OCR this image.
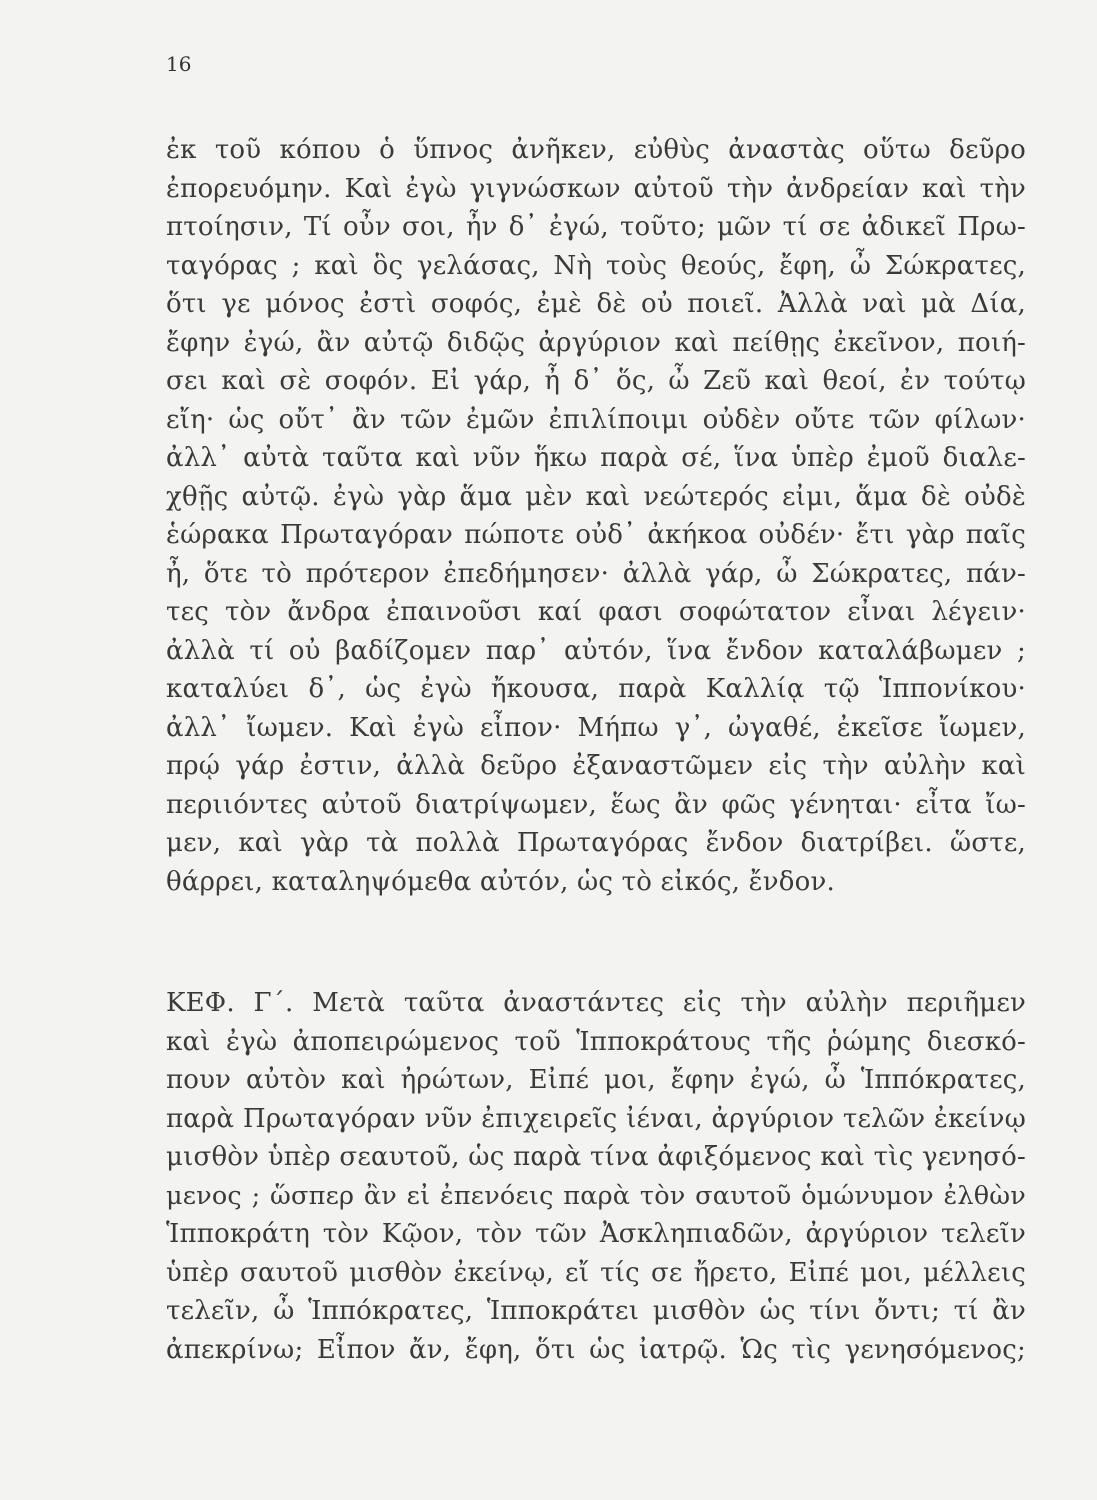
16
ἐκ τοῦ κόπου ὁ ὕπνος ἀνῆκεν, εὐθὺς ἀναστὰς οὕτω δεῦρο
ἐπορευόμην. Καὶ ἐγὼ γιγνώσκων αὐτοῦ τὴν ἀνδρείαν καὶ τὴν
πτοίησιν, Τί οὖν σοι, ἦν δ᾽ ἐγώ, τοῦτο; μῶν τί σε ἀδικεῖ Πρω-
ταγόρας ; καὶ ὃς γελάσας, Νὴ τοὺς θεούς, ἔφη, ὦ Σώκρατες,
ὅτι γε μόνος ἐστὶ σοφός, ἐμὲ δὲ οὐ ποιεῖ. Ἀλλὰ ναὶ μὰ Δία,
ἔφην ἐγώ, ἂν αὐτῷ διδῷς ἀργύριον καὶ πείθῃς ἐκεῖνον, ποιή-
σει καὶ σὲ σοφόν. Εἰ γάρ, ἦ δ᾽ ὅς, ὦ Ζεῦ καὶ θεοί, ἐν τούτῳ
εἴη· ὡς οὔτ᾽ ἂν τῶν ἐμῶν ἐπιλίποιμι οὐδὲν οὔτε τῶν φίλων·
ἀλλ᾽ αὐτὰ ταῦτα καὶ νῦν ἥκω παρὰ σέ, ἵνα ὑπὲρ ἐμοῦ διαλε-
χθῇς αὐτῷ. ἐγὼ γὰρ ἅμα μὲν καὶ νεώτερός εἰμι, ἅμα δὲ οὐδὲ
ἑώρακα Πρωταγόραν πώποτε οὐδ᾽ ἀκήκοα οὐδέν· ἔτι γὰρ παῖς
ἦ, ὅτε τὸ πρότερον ἐπεδήμησεν· ἀλλὰ γάρ, ὦ Σώκρατες, πάν-
τες τὸν ἄνδρα ἐπαινοῦσι καί φασι σοφώτατον εἶναι λέγειν·
ἀλλὰ τί οὐ βαδίζομεν παρ᾽ αὐτόν, ἵνα ἔνδον καταλάβωμεν ;
καταλύει δ᾽, ὡς ἐγὼ ἤκουσα, παρὰ Καλλίᾳ τῷ Ἱππονίκου·
ἀλλ᾽ ἴωμεν. Καὶ ἐγὼ εἶπον· Μήπω γ᾽, ὠγαθέ, ἐκεῖσε ἴωμεν,
πρῴ γάρ ἐστιν, ἀλλὰ δεῦρο ἐξαναστῶμεν εἰς τὴν αὐλὴν καὶ
περιιόντες αὐτοῦ διατρίψωμεν, ἕως ἂν φῶς γένηται· εἶτα ἴω-
μεν, καὶ γὰρ τὰ πολλὰ Πρωταγόρας ἔνδον διατρίβει. ὥστε,
θάρρει, καταληψόμεθα αὐτόν, ὡς τὸ εἰκός, ἔνδον.
ΚΕΦ. Γ΄. Μετὰ ταῦτα ἀναστάντες εἰς τὴν αὐλὴν περιῆμεν
καὶ ἐγὼ ἀποπειρώμενος τοῦ Ἱπποκράτους τῆς ῥώμης διεσκό-
πουν αὐτὸν καὶ ἠρώτων, Εἰπέ μοι, ἔφην ἐγώ, ὦ Ἱππόκρατες,
παρὰ Πρωταγόραν νῦν ἐπιχειρεῖς ἰέναι, ἀργύριον τελῶν ἐκείνῳ
μισθὸν ὑπὲρ σεαυτοῦ, ὡς παρὰ τίνα ἀφιξόμενος καὶ τὶς γενησό-
μενος ; ὥσπερ ἂν εἰ ἐπενόεις παρὰ τὸν σαυτοῦ ὁμώνυμον ἐλθὼν
Ἱπποκράτη τὸν Κῷον, τὸν τῶν Ἀσκληπιαδῶν, ἀργύριον τελεῖν
ὑπὲρ σαυτοῦ μισθὸν ἐκείνῳ, εἴ τίς σε ἤρετο, Εἰπέ μοι, μέλλεις
τελεῖν, ὦ Ἱππόκρατες, Ἱπποκράτει μισθὸν ὡς τίνι ὄντι; τί ἂν
ἀπεκρίνω; Εἶπον ἄν, ἔφη, ὅτι ὡς ἰατρῷ. Ὡς τὶς γενησόμενος;
